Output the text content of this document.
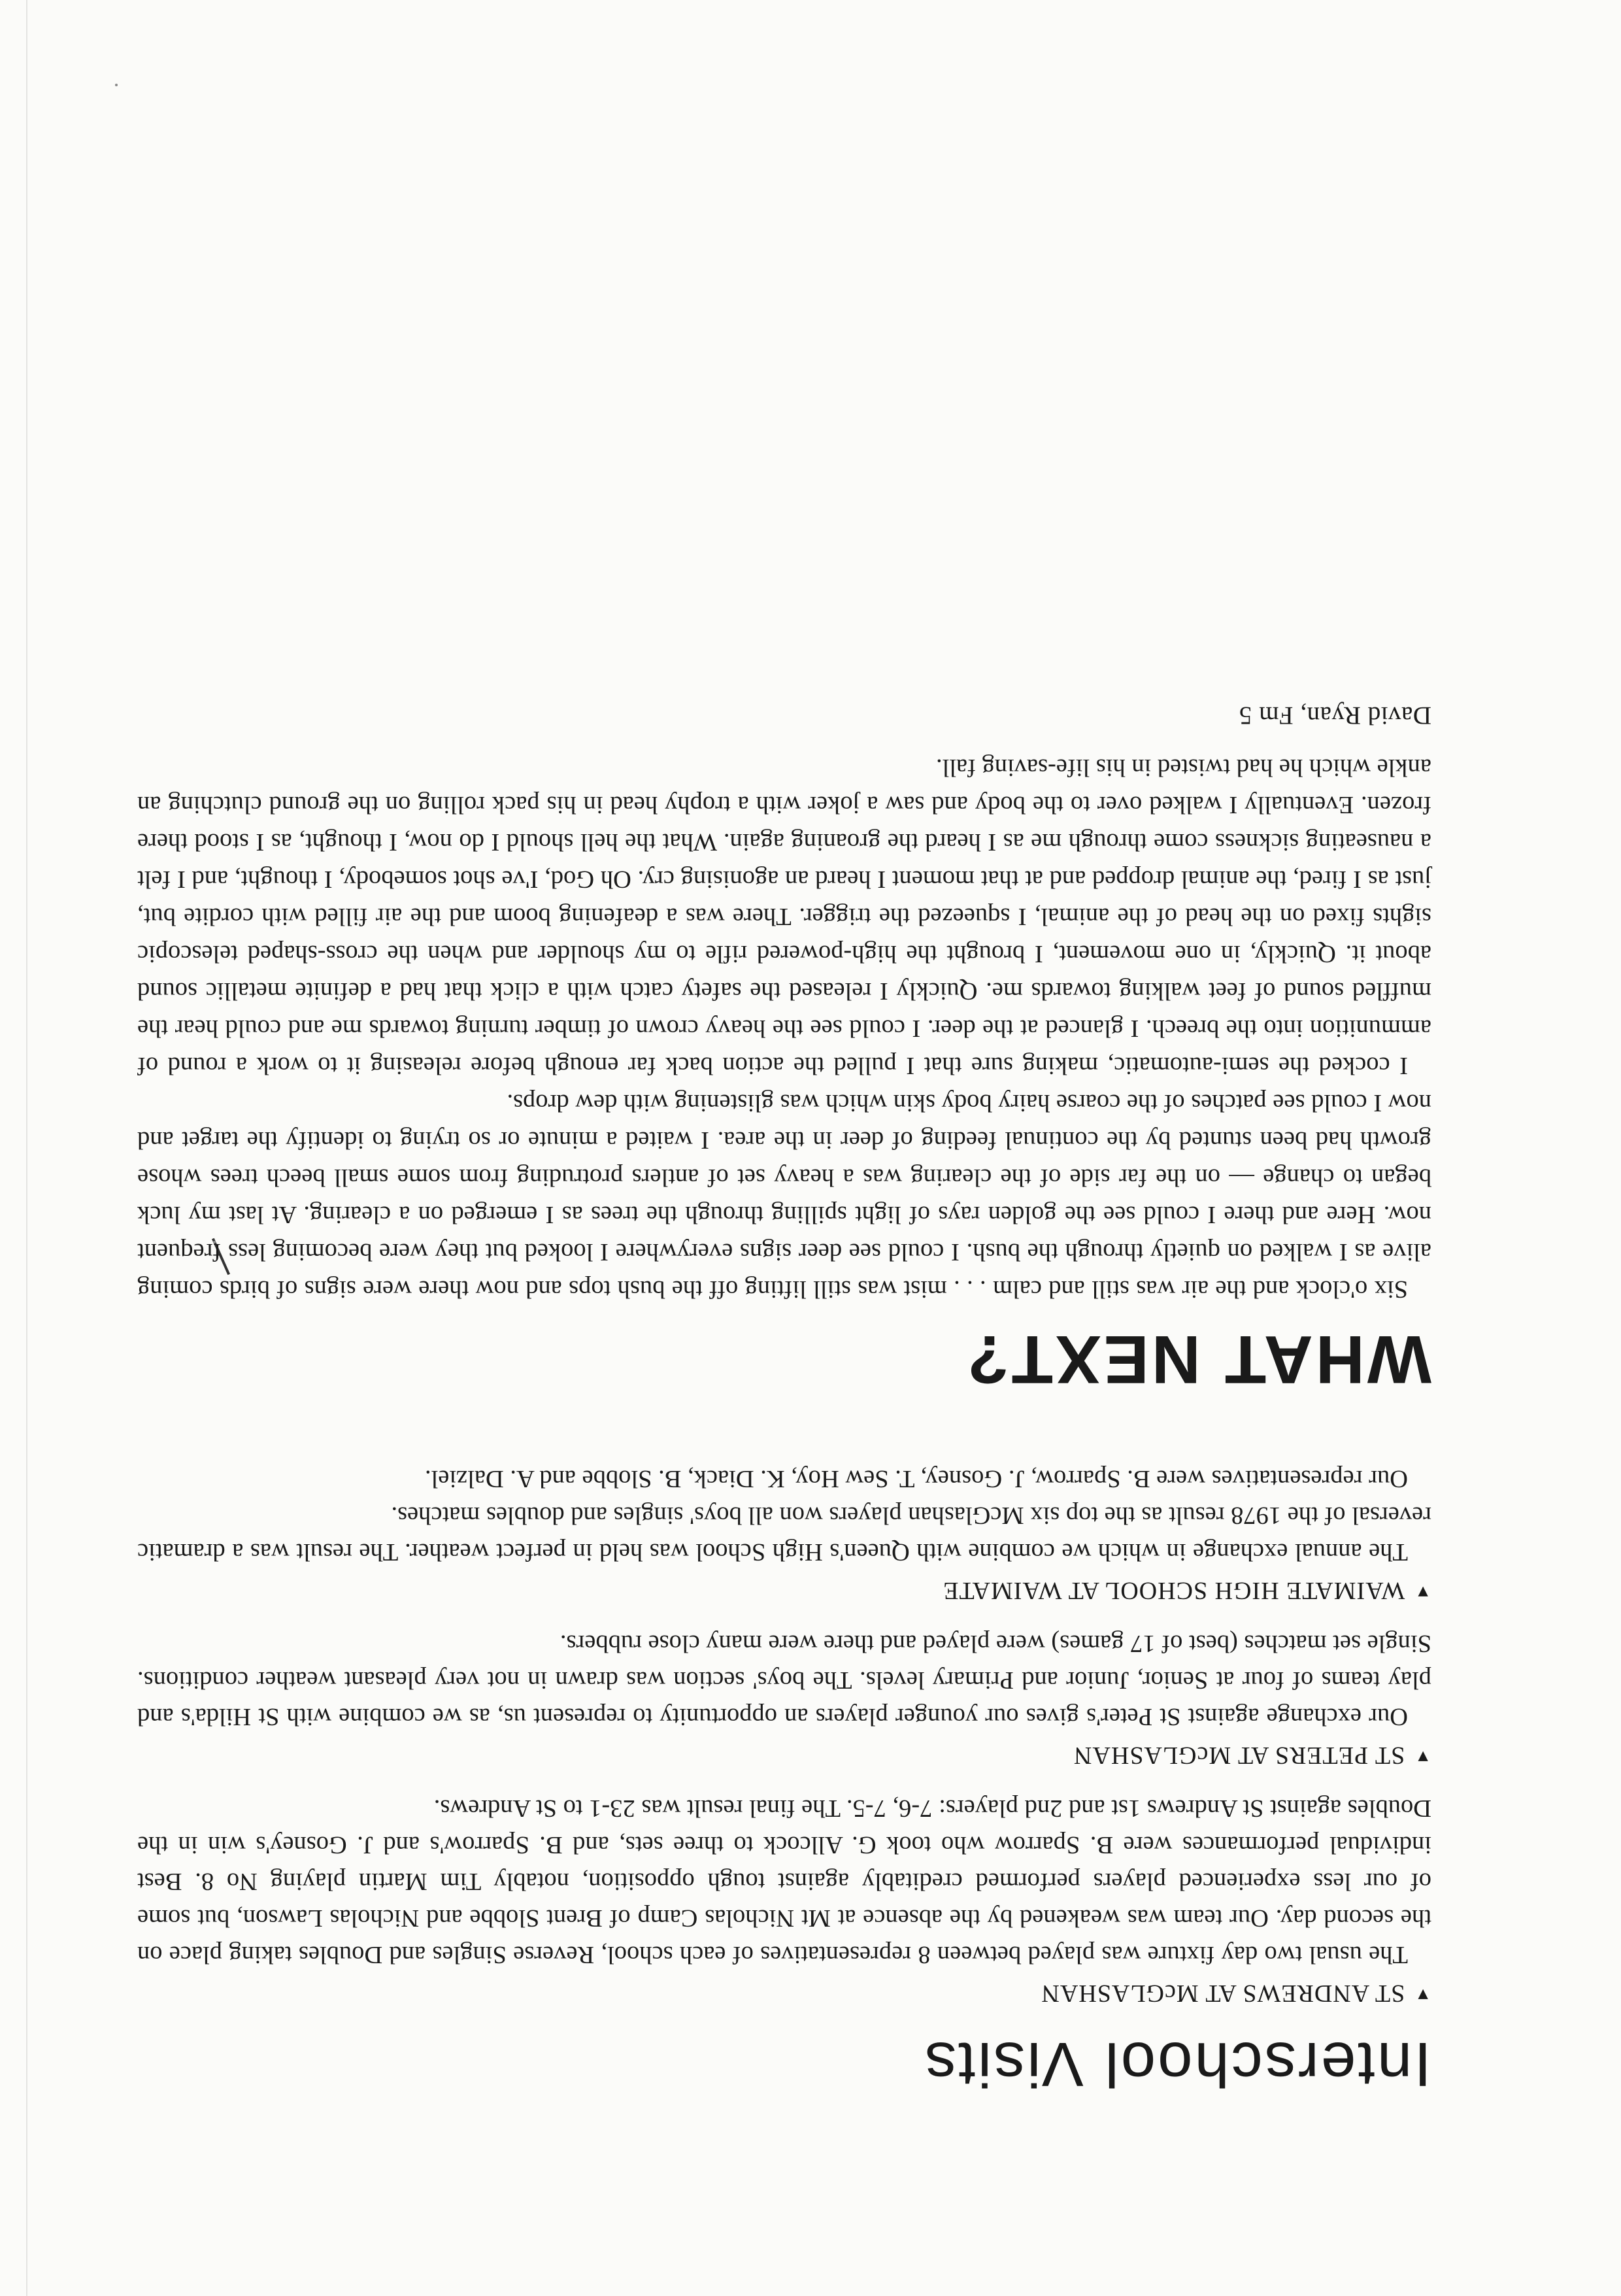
Interschool Visits
▼ST ANDREWS AT McGLASHAN

The usual two day fixture was played between 8 representatives of each school, Reverse Singles and Doubles taking place on the second day. Our team was weakened by the absence at Mt Nicholas Camp of Brent Slobbe and Nicholas Lawson, but some of our less experienced players performed creditably against tough opposition, notably Tim Martin playing No 8. Best individual performances were B. Sparrow who took G. Allcock to three sets, and B. Sparrow's and J. Gosney's win in the Doubles against St Andrews 1st and 2nd players: 7-6, 7-5. The final result was 23-1 to St Andrews.

▼ST PETERS AT McGLASHAN

Our exchange against St Peter's gives our younger players an opportunity to represent us, as we combine with St Hilda's and play teams of four at Senior, Junior and Primary levels. The boys' section was drawn in not very pleasant weather conditions. Single set matches (best of 17 games) were played and there were many close rubbers.

▼WAIMATE HIGH SCHOOL AT WAIMATE

The annual exchange in which we combine with Queen's High School was held in perfect weather. The result was a dramatic reversal of the 1978 result as the top six McGlashan players won all boys' singles and doubles matches.

Our representatives were B. Sparrow, J. Gosney, T. Sew Hoy, K. Diack, B. Slobbe and A. Dalziel.

WHAT NEXT?

Six o'clock and the air was still and calm . . . mist was still lifting off the bush tops and now there were signs of birds coming alive as I walked on quietly through the bush. I could see deer signs everywhere I looked but they were becoming less frequent now. Here and there I could see the golden rays of light spilling through the trees as I emerged on a clearing. At last my luck began to change — on the far side of the clearing was a heavy set of antlers protruding from some small beech trees whose growth had been stunted by the continual feeding of deer in the area. I waited a minute or so trying to identify the target and now I could see patches of the coarse hairy body skin which was glistening with dew drops.

I cocked the semi-automatic, making sure that I pulled the action back far enough before releasing it to work a round of ammunition into the breech. I glanced at the deer. I could see the heavy crown of timber turning towards me and could hear the muffled sound of feet walking towards me. Quickly I released the safety catch with a click that had a definite metallic sound about it. Quickly, in one movement, I brought the high-powered rifle to my shoulder and when the cross-shaped telescopic sights fixed on the head of the animal, I squeezed the trigger. There was a deafening boom and the air filled with cordite but, just as I fired, the animal dropped and at that moment I heard an agonising cry. Oh God, I've shot somebody, I thought, and I felt a nauseating sickness come through me as I heard the groaning again. What the hell should I do now, I thought, as I stood there frozen. Eventually I walked over to the body and saw a joker with a trophy head in his pack rolling on the ground clutching an ankle which he had twisted in his life-saving fall.

David Ryan, Fm 5
